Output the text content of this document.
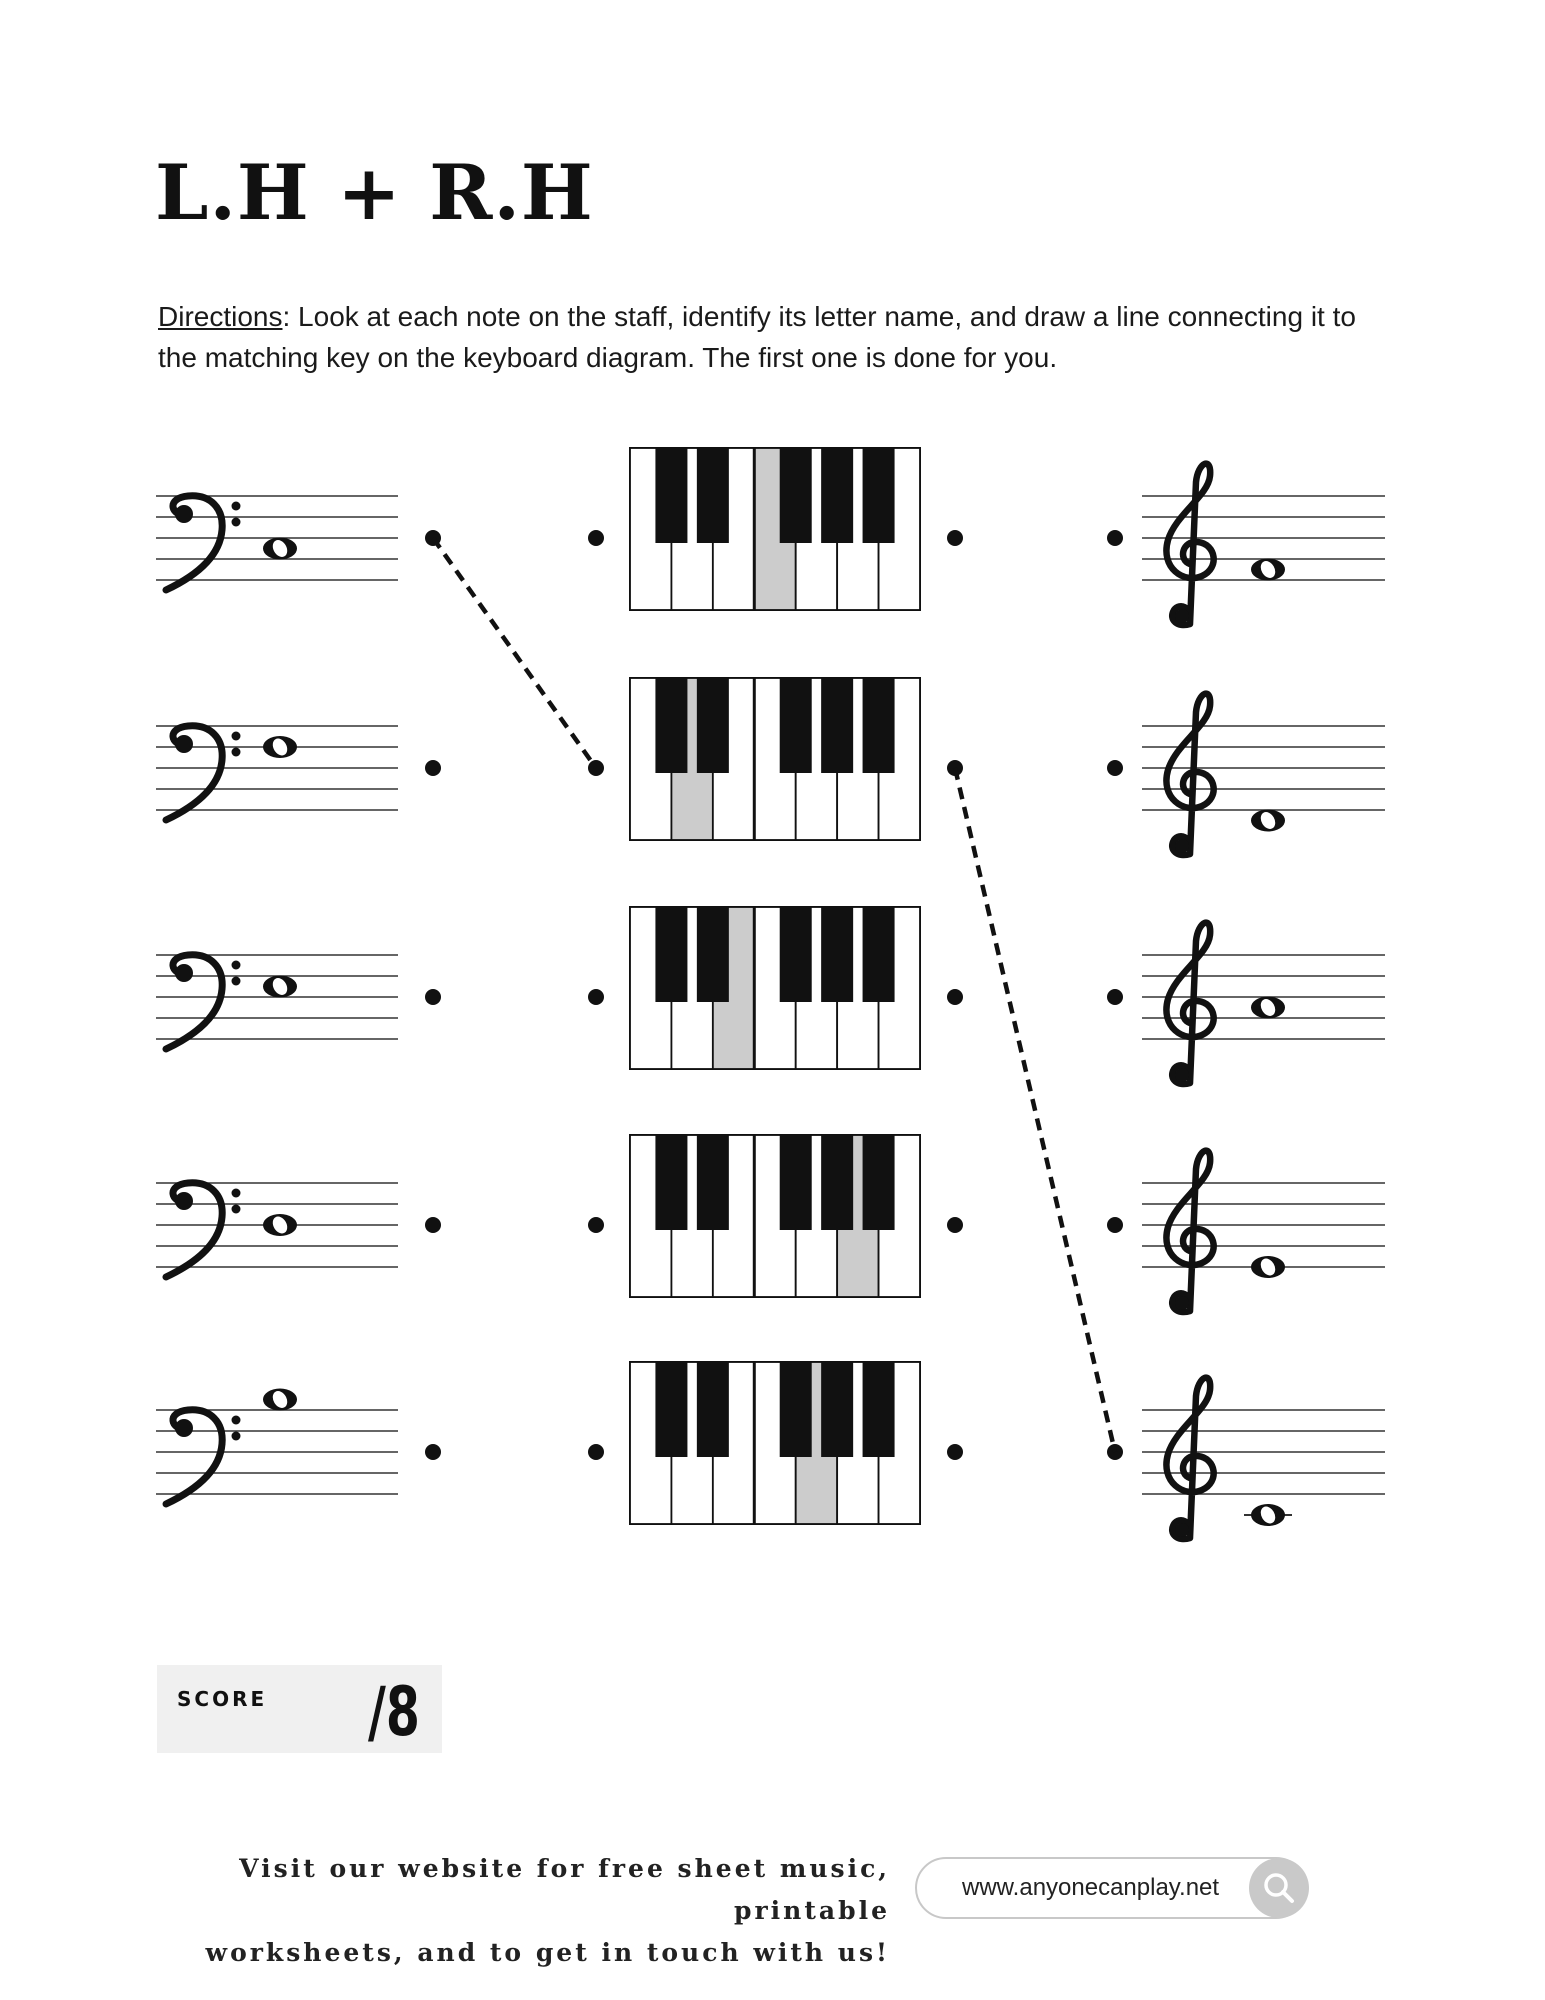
L.H + R.H
Directions: Look at each note on the staff, identify its letter name, and draw a line connecting it to the matching key on the keyboard diagram. The first one is done for you.
SCORE /8
Visit our website for free sheet music, printable
worksheets, and to get in touch with us!
www.anyonecanplay.net
